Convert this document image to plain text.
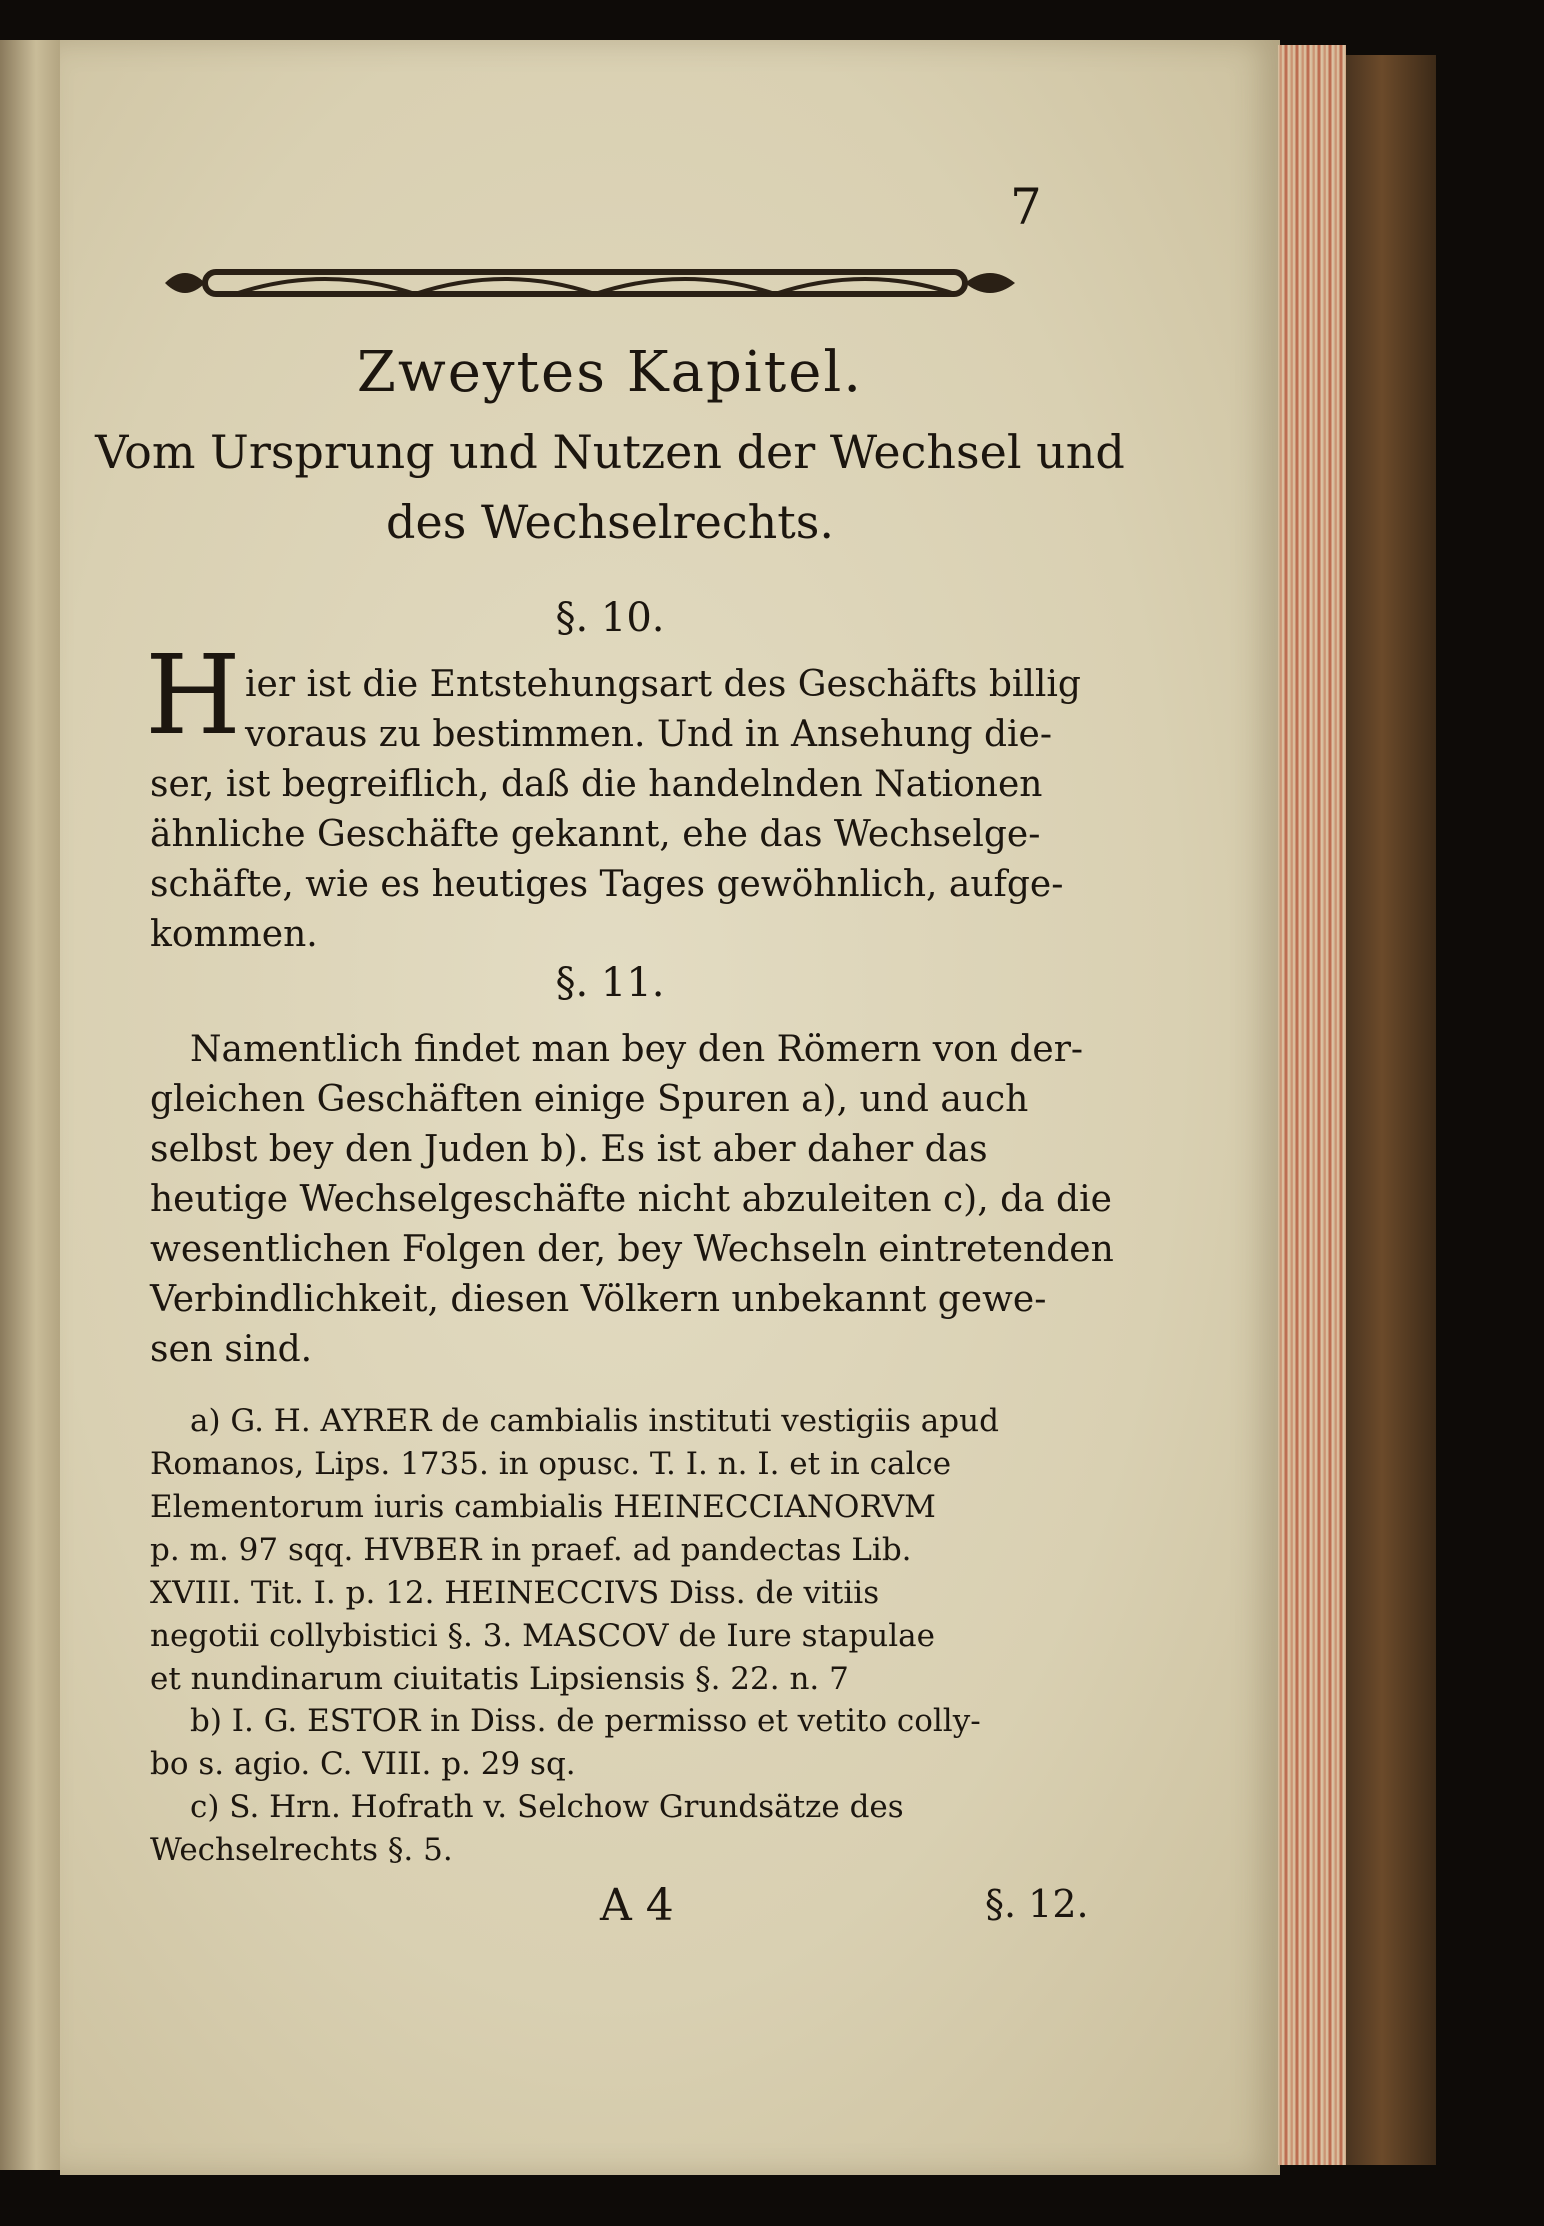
7
Zweytes Kapitel.
Vom Ursprung und Nutzen der Wechsel und
des Wechselrechts.
§. 10.
H ier ist die Entstehungsart des Geschäfts billig
voraus zu bestimmen. Und in Ansehung die-
ser, ist begreiflich, daß die handelnden Nationen
ähnliche Geschäfte gekannt, ehe das Wechselge-
schäfte, wie es heutiges Tages gewöhnlich, aufge-
kommen.
§. 11.
Namentlich findet man bey den Römern von der-
gleichen Geschäften einige Spuren a), und auch
selbst bey den Juden b). Es ist aber daher das
heutige Wechselgeschäfte nicht abzuleiten c), da die
wesentlichen Folgen der, bey Wechseln eintretenden
Verbindlichkeit, diesen Völkern unbekannt gewe-
sen sind.
a) G. H. AYRER de cambialis instituti vestigiis apud
Romanos, Lips. 1735. in opusc. T. I. n. I. et in calce
Elementorum iuris cambialis HEINECCIANORVM
p. m. 97 sqq. HVBER in praef. ad pandectas Lib.
XVIII. Tit. I. p. 12. HEINECCIVS Diss. de vitiis
negotii collybistici §. 3. MASCOV de Iure stapulae
et nundinarum ciuitatis Lipsiensis §. 22. n. 7
b) I. G. ESTOR in Diss. de permisso et vetito colly-
bo s. agio. C. VIII. p. 29 sq.
c) S. Hrn. Hofrath v. Selchow Grundsätze des
Wechselrechts §. 5.
A 4	§. 12.
